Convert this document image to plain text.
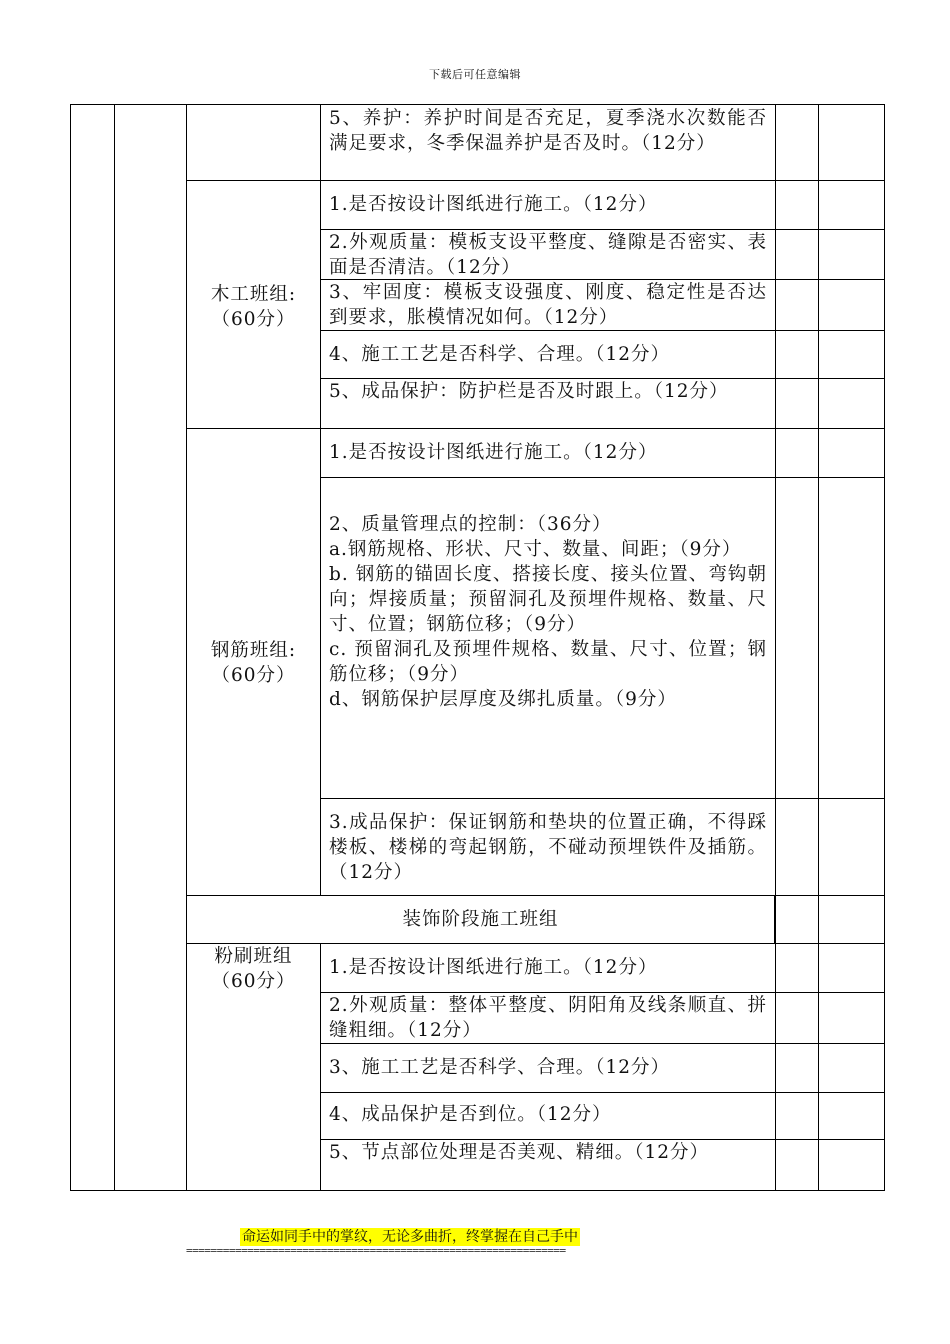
下载后可任意编辑
5、养护：养护时间是否充足，夏季浇水次数能否满足要求，冬季保温养护是否及时。（12分）
1.是否按设计图纸进行施工。（12分）
2.外观质量：模板支设平整度、缝隙是否密实、表面是否清洁。（12分）
3、牢固度：模板支设强度、刚度、稳定性是否达到要求，胀模情况如何。（12分）
4、施工工艺是否科学、合理。（12分）
5、成品保护：防护栏是否及时跟上。（12分）
1.是否按设计图纸进行施工。（12分）
2、质量管理点的控制：（36分）
a.钢筋规格、形状、尺寸、数量、间距；（9分）
b. 钢筋的锚固长度、搭接长度、接头位置、弯钩朝向；焊接质量；预留洞孔及预埋件规格、数量、尺寸、位置；钢筋位移；（9分）
c. 预留洞孔及预埋件规格、数量、尺寸、位置；钢筋位移；（9分）
d、钢筋保护层厚度及绑扎质量。（9分）
3.成品保护：保证钢筋和垫块的位置正确，不得踩楼板、楼梯的弯起钢筋，不碰动预埋铁件及插筋。（12分）
1.是否按设计图纸进行施工。（12分）
2.外观质量：整体平整度、阴阳角及线条顺直、拼缝粗细。（12分）
3、施工工艺是否科学、合理。（12分）
4、成品保护是否到位。（12分）
5、节点部位处理是否美观、精细。（12分）
木工班组:
（60分）
钢筋班组:
（60分）
粉刷班组
（60分）
装饰阶段施工班组
命运如同手中的掌纹，无论多曲折，终掌握在自己手中
==============================================================
